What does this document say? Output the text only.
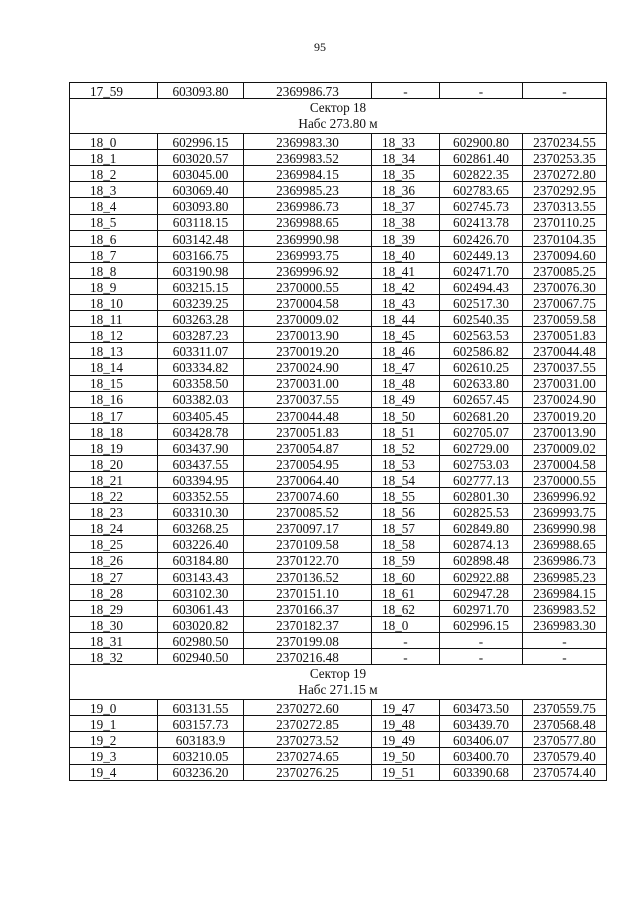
95
17_59	603093.80	2369986.73	-	-	-

Сектор 18
Набс 273.80 м					

18_0	602996.15	2369983.30	18_33	602900.80	2370234.55
18_1	603020.57	2369983.52	18_34	602861.40	2370253.35
18_2	603045.00	2369984.15	18_35	602822.35	2370272.80
18_3	603069.40	2369985.23	18_36	602783.65	2370292.95
18_4	603093.80	2369986.73	18_37	602745.73	2370313.55
18_5	603118.15	2369988.65	18_38	602413.78	2370110.25
18_6	603142.48	2369990.98	18_39	602426.70	2370104.35
18_7	603166.75	2369993.75	18_40	602449.13	2370094.60
18_8	603190.98	2369996.92	18_41	602471.70	2370085.25
18_9	603215.15	2370000.55	18_42	602494.43	2370076.30
18_10	603239.25	2370004.58	18_43	602517.30	2370067.75
18_11	603263.28	2370009.02	18_44	602540.35	2370059.58
18_12	603287.23	2370013.90	18_45	602563.53	2370051.83
18_13	603311.07	2370019.20	18_46	602586.82	2370044.48
18_14	603334.82	2370024.90	18_47	602610.25	2370037.55
18_15	603358.50	2370031.00	18_48	602633.80	2370031.00
18_16	603382.03	2370037.55	18_49	602657.45	2370024.90
18_17	603405.45	2370044.48	18_50	602681.20	2370019.20
18_18	603428.78	2370051.83	18_51	602705.07	2370013.90
18_19	603437.90	2370054.87	18_52	602729.00	2370009.02
18_20	603437.55	2370054.95	18_53	602753.03	2370004.58
18_21	603394.95	2370064.40	18_54	602777.13	2370000.55
18_22	603352.55	2370074.60	18_55	602801.30	2369996.92
18_23	603310.30	2370085.52	18_56	602825.53	2369993.75
18_24	603268.25	2370097.17	18_57	602849.80	2369990.98
18_25	603226.40	2370109.58	18_58	602874.13	2369988.65
18_26	603184.80	2370122.70	18_59	602898.48	2369986.73
18_27	603143.43	2370136.52	18_60	602922.88	2369985.23
18_28	603102.30	2370151.10	18_61	602947.28	2369984.15
18_29	603061.43	2370166.37	18_62	602971.70	2369983.52
18_30	603020.82	2370182.37	18_0	602996.15	2369983.30
18_31	602980.50	2370199.08	-	-	-
18_32	602940.50	2370216.48	-	-	-

Сектор 19
Набс 271.15 м					

19_0	603131.55	2370272.60	19_47	603473.50	2370559.75
19_1	603157.73	2370272.85	19_48	603439.70	2370568.48
19_2	603183.9	2370273.52	19_49	603406.07	2370577.80
19_3	603210.05	2370274.65	19_50	603400.70	2370579.40
19_4	603236.20	2370276.25	19_51	603390.68	2370574.40
